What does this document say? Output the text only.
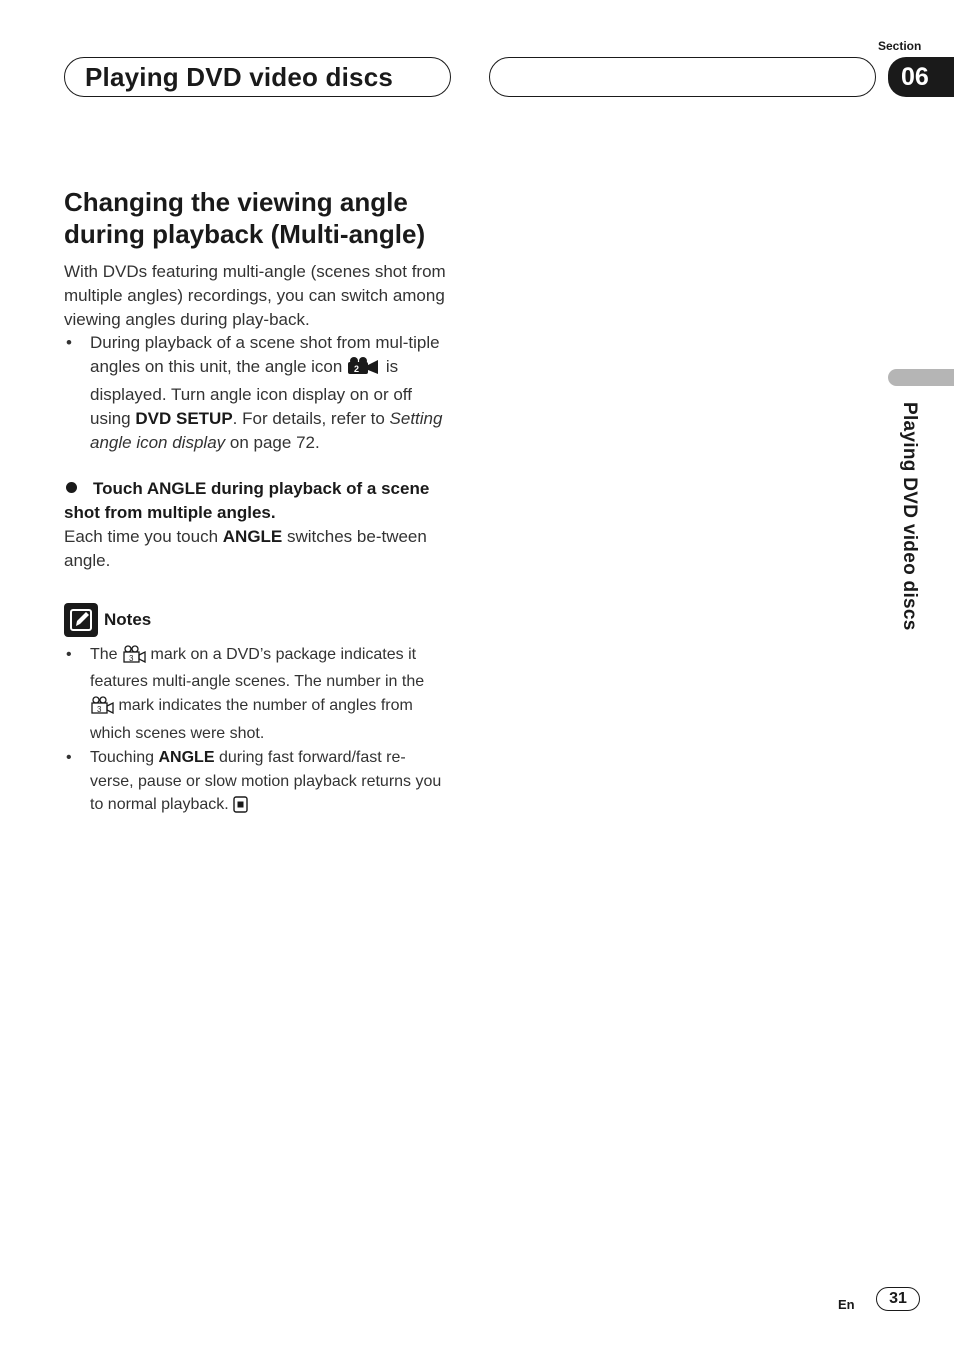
Playing DVD video discs
Section
06
Playing DVD video discs
Changing the viewing angle
during playback (Multi-angle)

With DVDs featuring multi-angle (scenes shot from multiple angles) recordings, you can switch among viewing angles during play-back.

• During playback of a scene shot from mul-tiple angles on this unit, the angle icon 2 is displayed. Turn angle icon display on or off using DVD SETUP. For details, refer to Setting angle icon display on page 72.
Touch ANGLE during playback of a scene shot from multiple angles.

Each time you touch ANGLE switches be-tween angle.

Notes
• The 3 mark on a DVD’s package indicates it features multi-angle scenes. The number in the
3 mark indicates the number of angles from which scenes were shot.
• Touching ANGLE during fast forward/fast re-verse, pause or slow motion playback returns you to normal playback.
En	31
